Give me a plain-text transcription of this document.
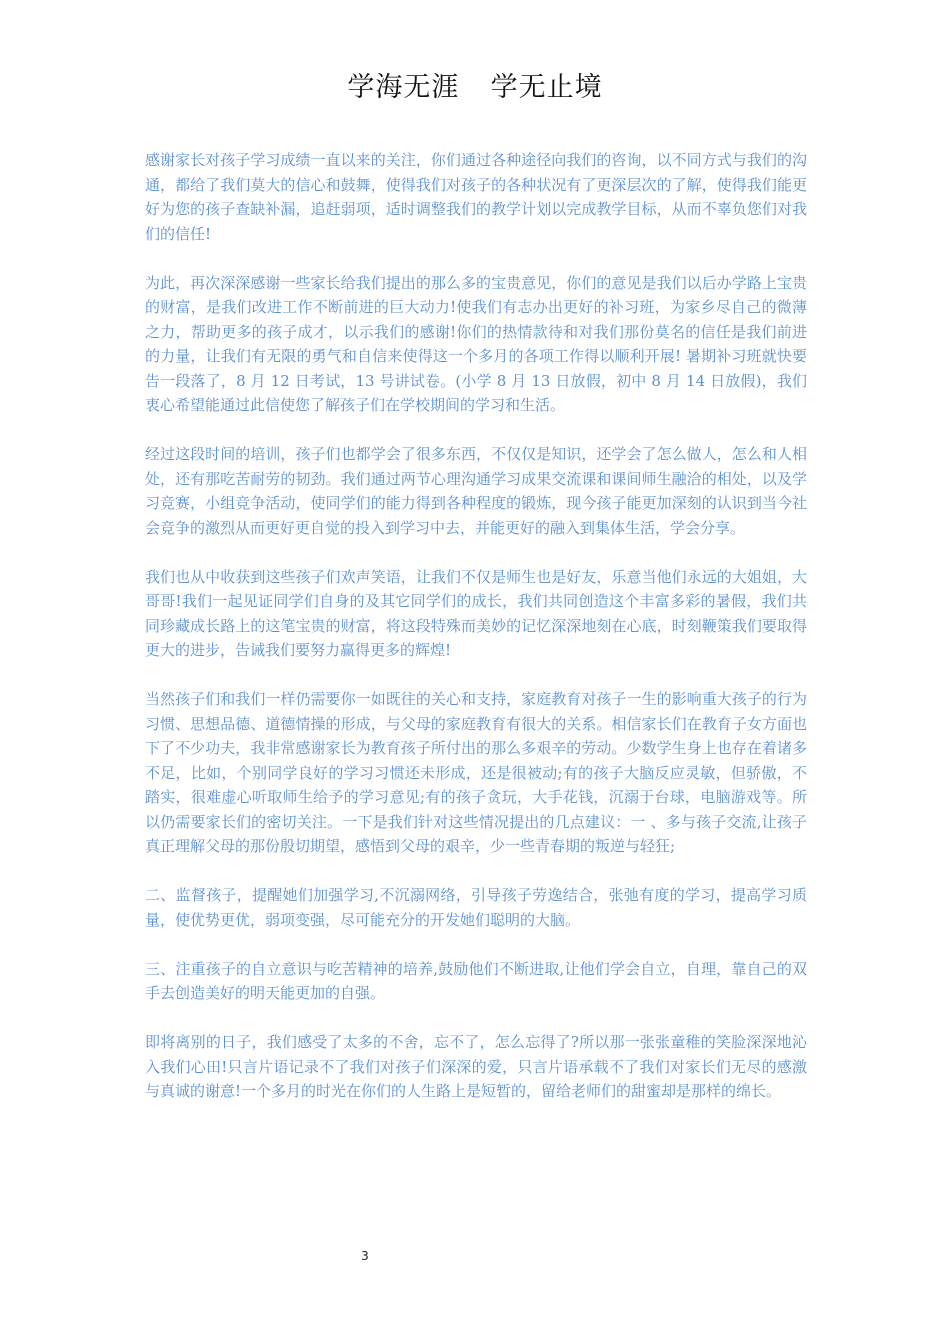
学海无涯  学无止境

感谢家长对孩子学习成绩一直以来的关注，你们通过各种途径向我们的咨询，以不同方式与我们的沟通，都给了我们莫大的信心和鼓舞，使得我们对孩子的各种状况有了更深层次的了解，使得我们能更好为您的孩子查缺补漏，追赶弱项，适时调整我们的教学计划以完成教学目标，从而不辜负您们对我们的信任!

为此，再次深深感谢一些家长给我们提出的那么多的宝贵意见，你们的意见是我们以后办学路上宝贵的财富，是我们改进工作不断前进的巨大动力!使我们有志办出更好的补习班，为家乡尽自己的微薄之力，帮助更多的孩子成才，以示我们的感谢!你们的热情款待和对我们那份莫名的信任是我们前进的力量，让我们有无限的勇气和自信来使得这一个多月的各项工作得以顺利开展! 暑期补习班就快要告一段落了，8 月 12 日考试，13 号讲试卷。(小学 8 月 13 日放假，初中 8 月 14 日放假)，我们衷心希望能通过此信使您了解孩子们在学校期间的学习和生活。

经过这段时间的培训，孩子们也都学会了很多东西，不仅仅是知识，还学会了怎么做人，怎么和人相处，还有那吃苦耐劳的韧劲。我们通过两节心理沟通学习成果交流课和课间师生融洽的相处，以及学习竞赛，小组竞争活动，使同学们的能力得到各种程度的锻炼，现今孩子能更加深刻的认识到当今社会竞争的激烈从而更好更自觉的投入到学习中去，并能更好的融入到集体生活，学会分享。

我们也从中收获到这些孩子们欢声笑语，让我们不仅是师生也是好友，乐意当他们永远的大姐姐，大哥哥!我们一起见证同学们自身的及其它同学们的成长，我们共同创造这个丰富多彩的暑假，我们共同珍藏成长路上的这笔宝贵的财富，将这段特殊而美妙的记忆深深地刻在心底，时刻鞭策我们要取得更大的进步，告诫我们要努力赢得更多的辉煌!

当然孩子们和我们一样仍需要你一如既往的关心和支持，家庭教育对孩子一生的影响重大孩子的行为习惯、思想品德、道德情操的形成，与父母的家庭教育有很大的关系。相信家长们在教育子女方面也下了不少功夫，我非常感谢家长为教育孩子所付出的那么多艰辛的劳动。少数学生身上也存在着诸多不足，比如，个别同学良好的学习习惯还未形成，还是很被动;有的孩子大脑反应灵敏，但骄傲，不踏实，很难虚心听取师生给予的学习意见;有的孩子贪玩，大手花钱，沉溺于台球，电脑游戏等。所以仍需要家长们的密切关注。一下是我们针对这些情况提出的几点建议：一 、多与孩子交流,让孩子真正理解父母的那份殷切期望，感悟到父母的艰辛，少一些青春期的叛逆与轻狂;

二、监督孩子，提醒她们加强学习,不沉溺网络，引导孩子劳逸结合，张弛有度的学习，提高学习质量，使优势更优，弱项变强，尽可能充分的开发她们聪明的大脑。

三、注重孩子的自立意识与吃苦精神的培养,鼓励他们不断进取,让他们学会自立，自理，靠自己的双手去创造美好的明天能更加的自强。

即将离别的日子，我们感受了太多的不舍，忘不了，怎么忘得了?所以那一张张童稚的笑脸深深地沁入我们心田!只言片语记录不了我们对孩子们深深的爱，只言片语承载不了我们对家长们无尽的感激与真诚的谢意!一个多月的时光在你们的人生路上是短暂的，留给老师们的甜蜜却是那样的绵长。

3
